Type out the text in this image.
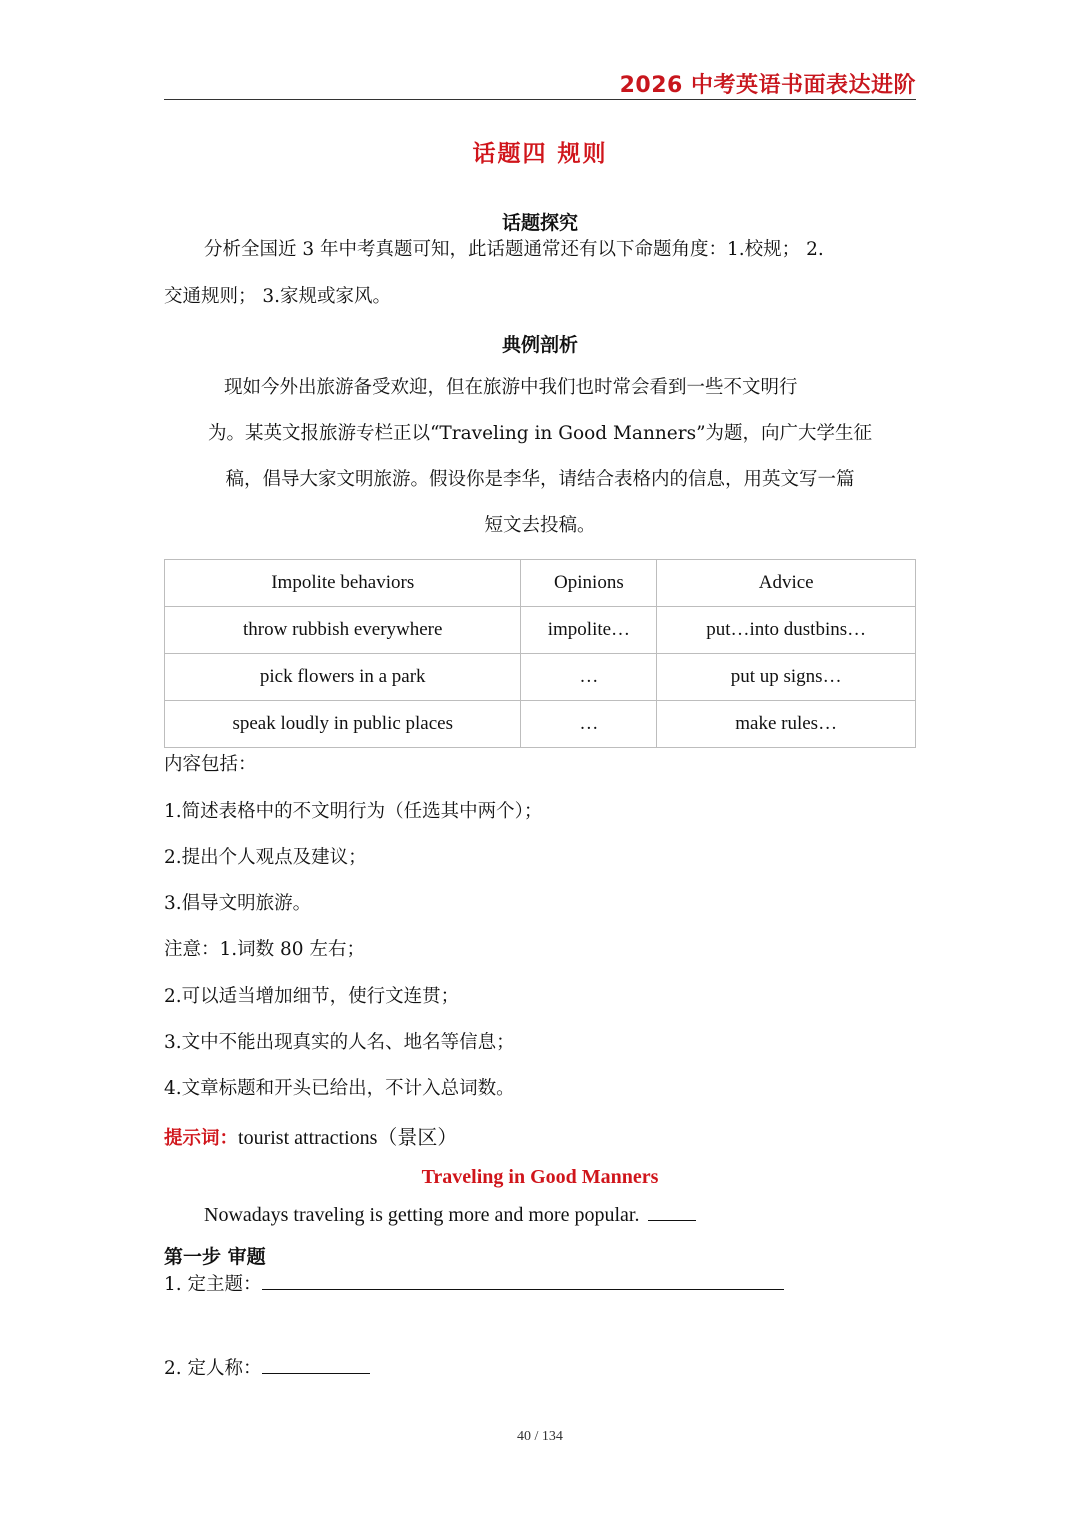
2026 中考英语书面表达进阶
话题四 规则
话题探究
分析全国近 3 年中考真题可知，此话题通常还有以下命题角度：1.校规； 2.
交通规则； 3.家规或家风。
典例剖析
现如今外出旅游备受欢迎，但在旅游中我们也时常会看到一些不文明行
为。某英文报旅游专栏正以“Traveling in Good Manners”为题，向广大学生征
稿，倡导大家文明旅游。假设你是李华，请结合表格内的信息，用英文写一篇
短文去投稿。
Impolite behaviors	Opinions	Advice
throw rubbish everywhere	impolite…	put…into dustbins…
pick flowers in a park	…	put up signs…
speak loudly in public places	…	make rules…
内容包括：
1.简述表格中的不文明行为（任选其中两个）；
2.提出个人观点及建议；
3.倡导文明旅游。
注意：1.词数 80 左右；
2.可以适当增加细节，使行文连贯；
3.文中不能出现真实的人名、地名等信息；
4.文章标题和开头已给出，不计入总词数。
提示词：tourist attractions（景区）
Traveling in Good Manners
Nowadays traveling is getting more and more popular.
第一步 审题
1. 定主题：
2. 定人称：
40 / 134
